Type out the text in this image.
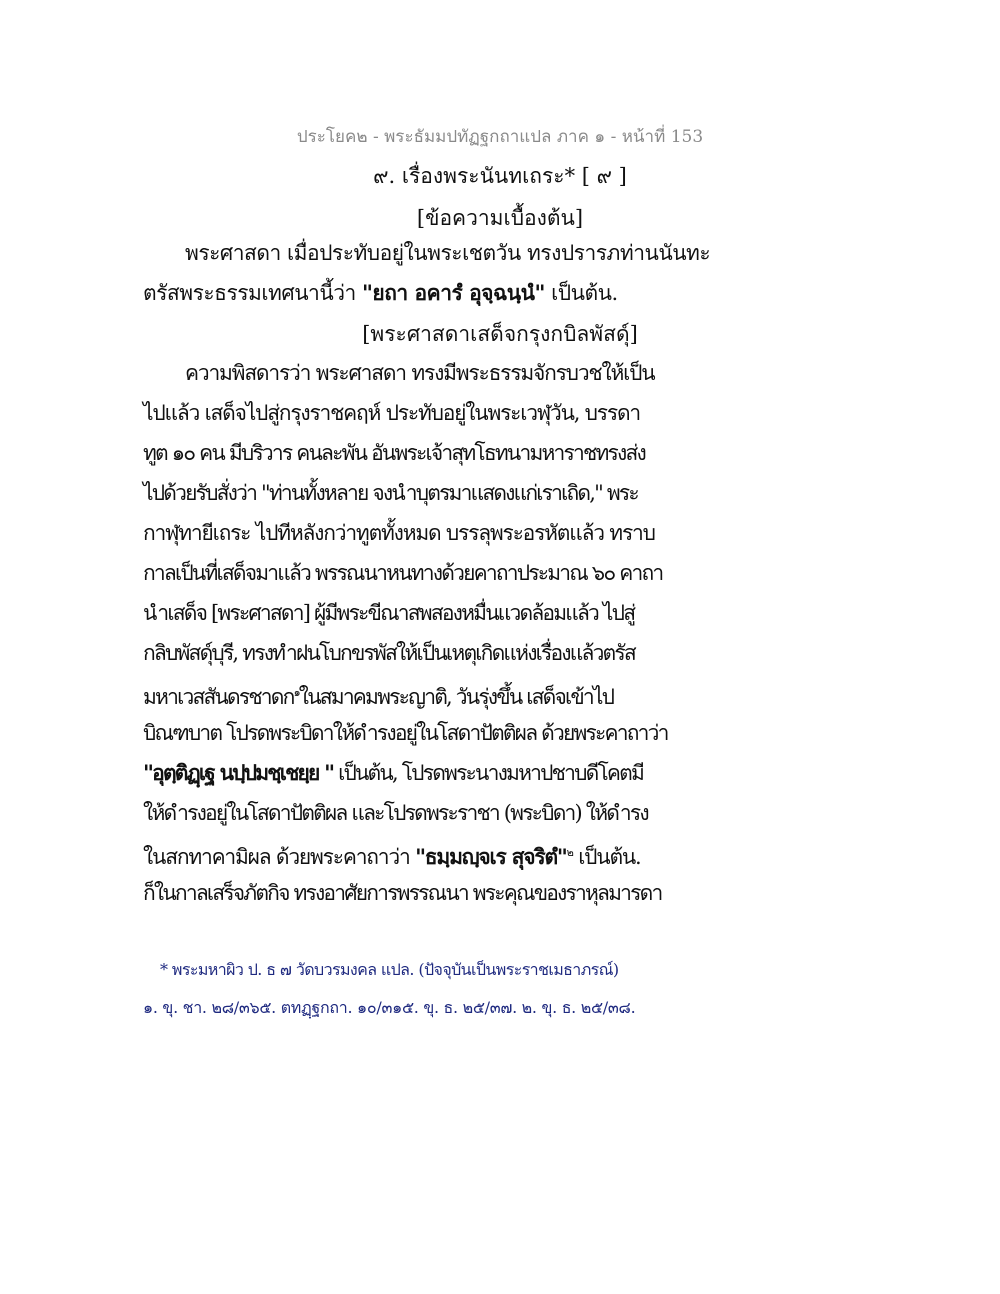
ประโยค๒ - พระธัมมปทัฏฐกถาแปล ภาค ๑ - หน้าที่ 153
๙. เรื่องพระนันทเถระ* [ ๙ ]
[ข้อความเบื้องต้น]
พระศาสดา เมื่อประทับอยู่ในพระเชตวัน ทรงปรารภท่านนันทะ
ตรัสพระธรรมเทศนานี้ว่า "ยถา อคารํ อุจฺฉนฺนํ" เป็นต้น.
[พระศาสดาเสด็จกรุงกบิลพัสดุ์]
ความพิสดารว่า พระศาสดา ทรงมีพระธรรมจักรบวชให้เป็น
ไปแล้ว เสด็จไปสู่กรุงราชคฤห์ ประทับอยู่ในพระเวฬุวัน, บรรดา
ทูต ๑๐ คน มีบริวาร คนละพัน อันพระเจ้าสุทโธทนามหาราชทรงส่ง
ไปด้วยรับสั่งว่า "ท่านทั้งหลาย จงนำบุตรมาแสดงแก่เราเถิด," พระ
กาฬุทายีเถระ ไปทีหลังกว่าทูตทั้งหมด บรรลุพระอรหัตแล้ว ทราบ
กาลเป็นที่เสด็จมาแล้ว พรรณนาหนทางด้วยคาถาประมาณ ๖๐ คาถา
นำเสด็จ [พระศาสดา] ผู้มีพระขีณาสพสองหมื่นแวดล้อมแล้ว ไปสู่
กลิบพัสดุ์บุรี, ทรงทำฝนโบกขรพัสให้เป็นเหตุเกิดแห่งเรื่องแล้วตรัส
มหาเวสสันดรชาดก$^๑$ในสมาคมพระญาติ, วันรุ่งขึ้น เสด็จเข้าไป
บิณฑบาต โปรดพระบิดาให้ดำรงอยู่ในโสดาปัตติผล ด้วยพระคาถาว่า
"อุตฺติฏฺเฐ นปฺปมชฺเชยฺย " เป็นต้น, โปรดพระนางมหาปชาบดีโคตมี
ให้ดำรงอยู่ในโสดาปัตติผล และโปรดพระราชา (พระบิดา) ให้ดำรง
ในสกทาคามิผล ด้วยพระคาถาว่า "ธมฺมญฺจเร สุจริตํ"$^๒$ เป็นต้น.
ก็ในกาลเสร็จภัตกิจ ทรงอาศัยการพรรณนา พระคุณของราหุลมารดา
* พระมหาผิว ป. ธ ๗ วัดบวรมงคล แปล. (ปัจจุบันเป็นพระราชเมธาภรณ์)
๑. ขุ. ชา. ๒๘/๓๖๕. ตทฏฺฐกถา. ๑๐/๓๑๕. ขุ. ธ. ๒๕/๓๗. ๒. ขุ. ธ. ๒๕/๓๘.
